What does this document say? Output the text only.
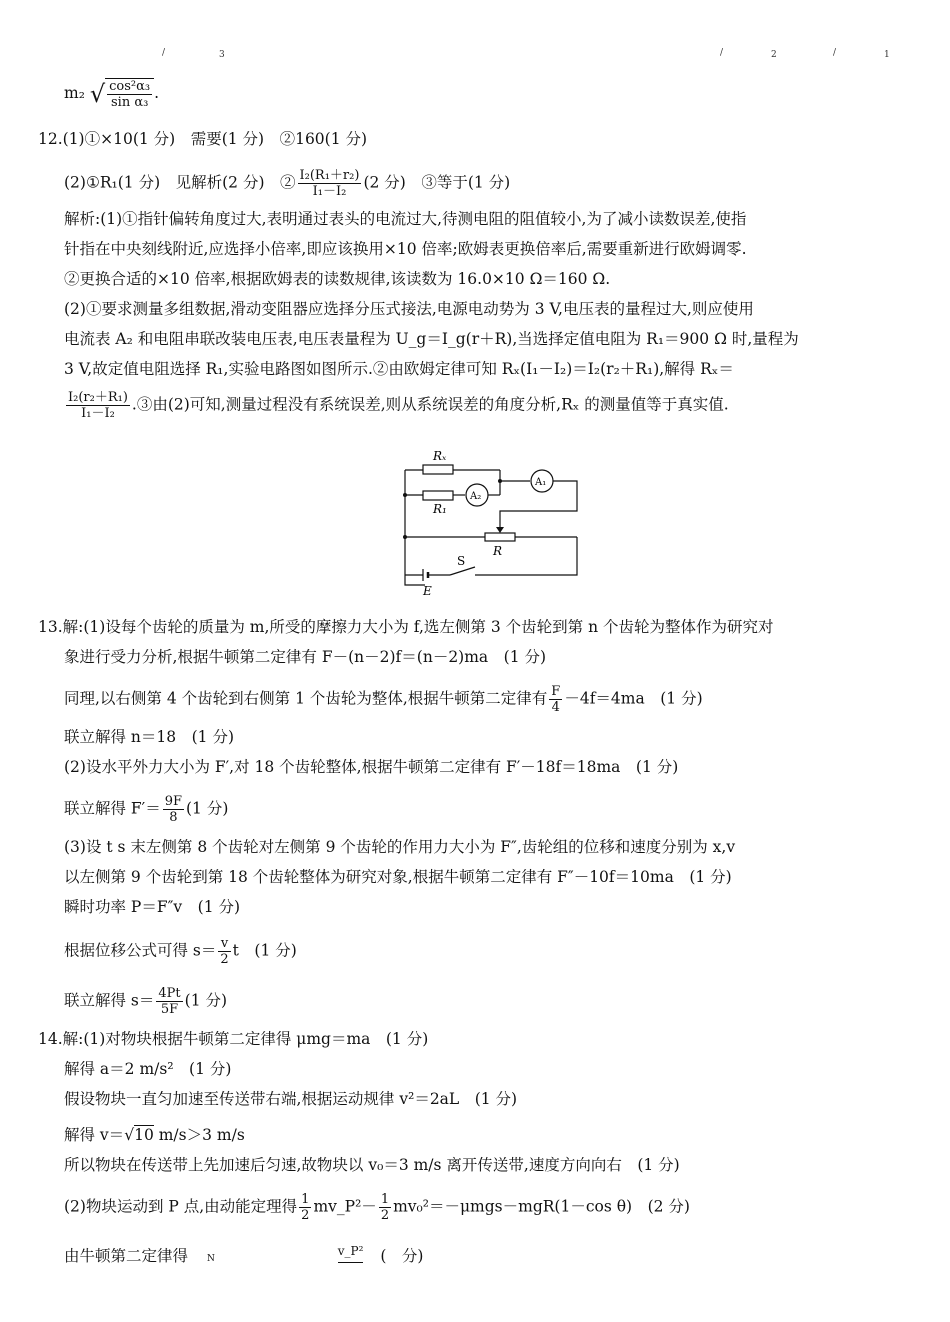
/	3	/	2	/	1
m₂ √ $\frac{\text{cos²α₃}}{\text{sin α₃}}$ .
12.(1)①×10(1 分)　需要(1 分)　②160(1 分)
(2)①R₁(1 分)　见解析(2 分)　② $\frac{\text{I₂(R₁＋r₂)}}{\text{I₁－I₂}} (2$ 分)　③等于(1 分)
解析:(1)①指针偏转角度过大,表明通过表头的电流过大,待测电阻的阻值较小,为了减小读数误差,使指
针指在中央刻线附近,应选择小倍率,即应该换用×10 倍率;欧姆表更换倍率后,需要重新进行欧姆调零.
②更换合适的×10 倍率,根据欧姆表的读数规律,该读数为 16.0×10 Ω＝160 Ω.
(2)①要求测量多组数据,滑动变阻器应选择分压式接法,电源电动势为 3 V,电压表的量程过大,则应使用
电流表 A₂ 和电阻串联改装电压表,电压表量程为 U_g＝I_g(r＋R),当选择定值电阻为 R₁＝900 Ω 时,量程为
3 V,故定值电阻选择 R₁,实验电路图如图所示.②由欧姆定律可知 Rₓ(I₁－I₂)＝I₂(r₂＋R₁),解得 Rₓ＝
$\frac{\text{I₂(r₂＋R₁)}}{\text{I₁－I₂}}$ .③由(2)可知,测量过程没有系统误差,则从系统误差的角度分析,Rₓ 的测量值等于真实值.
Rₓ
R₁
A₂
A₁
R
S
E
13.解:(1)设每个齿轮的质量为 m,所受的摩擦力大小为 f,选左侧第 3 个齿轮到第 n 个齿轮为整体作为研究对
象进行受力分析,根据牛顿第二定律有 F－(n－2)f＝(n－2)ma　(1 分)
同理,以右侧第 4 个齿轮到右侧第 1 个齿轮为整体,根据牛顿第二定律有 $\frac{F}{4} -4f=4ma$　(1 分)
联立解得 n＝18　(1 分)
(2)设水平外力大小为 F′,对 18 个齿轮整体,根据牛顿第二定律有 F′－18f＝18ma　(1 分)
联立解得 $F'= \frac{9F}{8} (1$ 分)
(3)设 t s 末左侧第 8 个齿轮对左侧第 9 个齿轮的作用力大小为 F″,齿轮组的位移和速度分别为 x,v
以左侧第 9 个齿轮到第 18 个齿轮整体为研究对象,根据牛顿第二定律有 F″－10f＝10ma　(1 分)
瞬时功率 P＝F″v　(1 分)
根据位移公式可得 $s= \frac{v}{2}$ t　(1 分)
联立解得 $s= \frac{4Pt}{5F} (1$ 分)
14.解:(1)对物块根据牛顿第二定律得 μmg＝ma　(1 分)
解得 a＝2 m/s²　(1 分)
假设物块一直匀加速至传送带右端,根据运动规律 v²＝2aL　(1 分)
解得 v＝√10 m/s＞3 m/s
所以物块在传送带上先加速后匀速,故物块以 v₀＝3 m/s 离开传送带,速度方向向右　(1 分)
(2)物块运动到 P 点,由动能定理得 $\frac{1}{2}$ mv_P²－ $\frac{1}{2} mv_0^2=-\mu mgs-mgR(1-\cos$ θ)　(2 分)
由牛顿第二定律得 N v_P² (　分)
